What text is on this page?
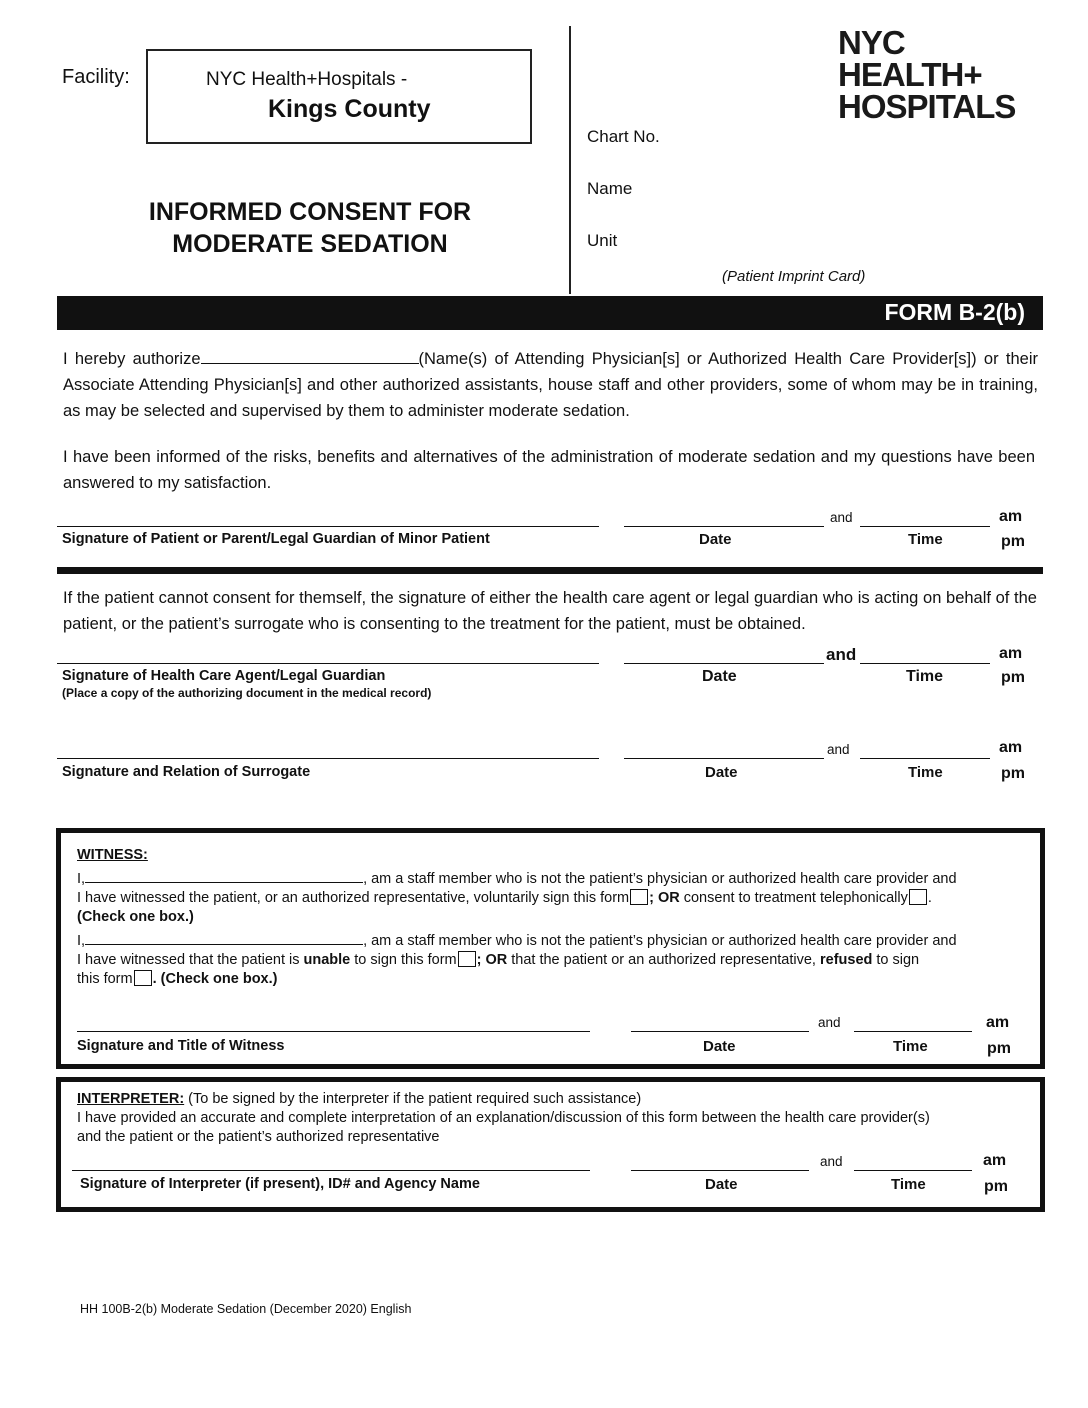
Facility:	NYC Health+Hospitals -
Kings County
INFORMED CONSENT FOR
MODERATE SEDATION
Chart No.
Name
Unit
(Patient Imprint Card)
NYC
HEALTH+
HOSPITALS
FORM B-2(b)
I hereby authorize	(Name(s) of Attending Physician[s] or Authorized Health Care Provider[s]) or their Associate Attending Physician[s] and other authorized assistants, house staff and other providers, some of whom may be in training, as may be selected and supervised by them to administer moderate sedation.
I have been informed of the risks, benefits and alternatives of the administration of moderate sedation and my questions have been answered to my satisfaction.
Signature of Patient or Parent/Legal Guardian of Minor Patient
and	am
Date	Time	pm
If the patient cannot consent for themself, the signature of either the health care agent or legal guardian who is acting on behalf of the patient, or the patient’s surrogate who is consenting to the treatment for the patient, must be obtained.
Signature of Health Care Agent/Legal Guardian
(Place a copy of the authorizing document in the medical record)
and	am
Date	Time	pm
Signature and Relation of Surrogate
and	am
Date	Time	pm
WITNESS:
I,	, am a staff member who is not the patient’s physician or authorized health care provider and
I have witnessed the patient, or an authorized representative, voluntarily sign this form ; OR consent to treatment telephonically .
(Check one box.)
I,	, am a staff member who is not the patient’s physician or authorized health care provider and
I have witnessed that the patient is unable to sign this form ; OR that the patient or an authorized representative, refused to sign
this form . (Check one box.)
Signature and Title of Witness
and	am
Date	Time	pm
INTERPRETER: (To be signed by the interpreter if the patient required such assistance)
I have provided an accurate and complete interpretation of an explanation/discussion of this form between the health care provider(s)
and the patient or the patient’s authorized representative
Signature of Interpreter (if present), ID# and Agency Name
and	am
Date	Time	pm
HH 100B-2(b) Moderate Sedation (December 2020) English
